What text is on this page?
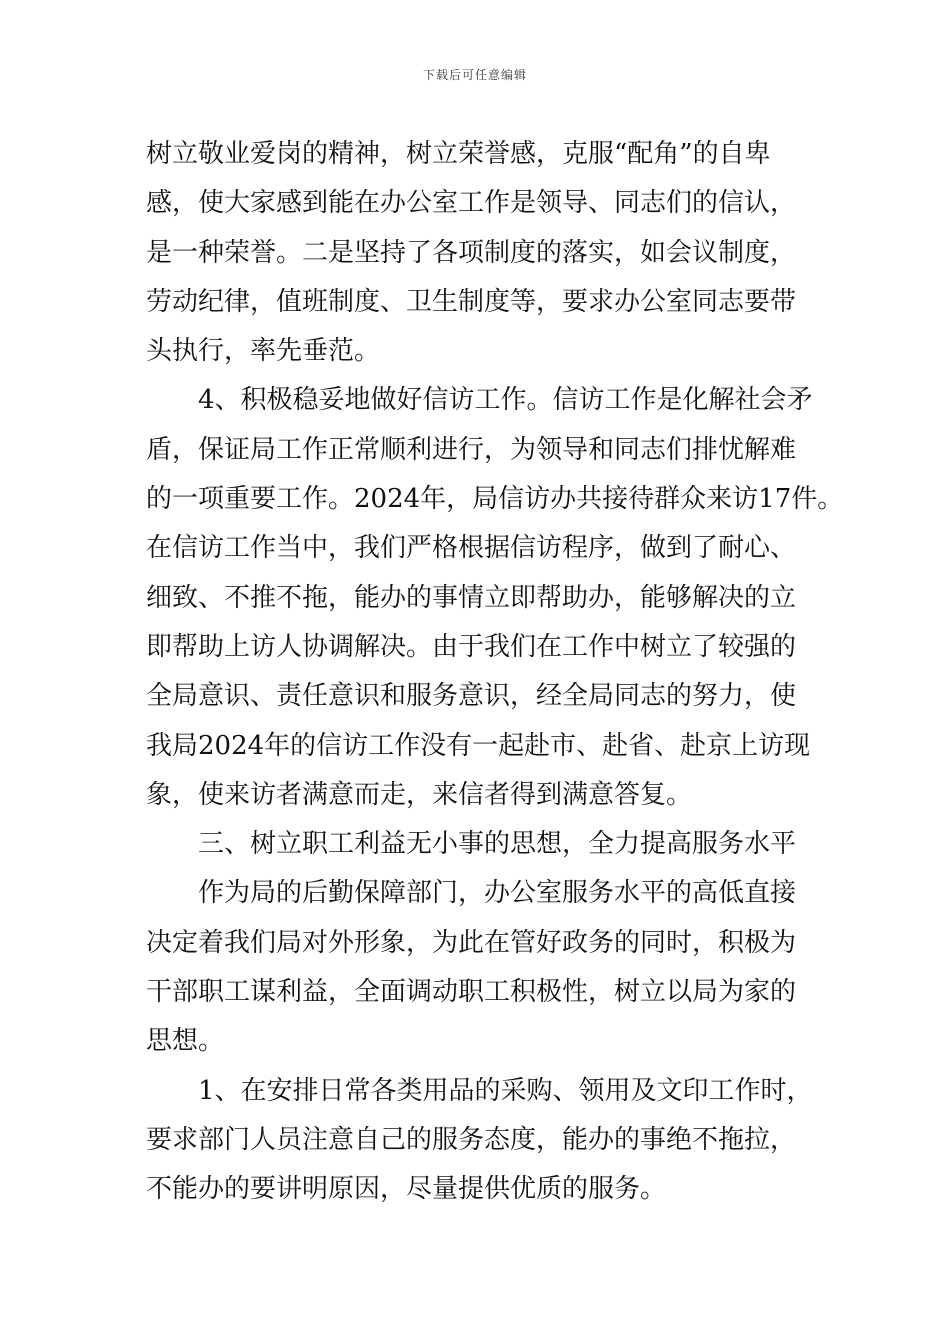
下载后可任意编辑
树立敬业爱岗的精神，树立荣誉感，克服“配角”的自卑
感，使大家感到能在办公室工作是领导、同志们的信认，
是一种荣誉。二是坚持了各项制度的落实，如会议制度，
劳动纪律，值班制度、卫生制度等，要求办公室同志要带
头执行，率先垂范。
4、积极稳妥地做好信访工作。信访工作是化解社会矛
盾，保证局工作正常顺利进行，为领导和同志们排忧解难
的一项重要工作。2024年，局信访办共接待群众来访17件。
在信访工作当中，我们严格根据信访程序，做到了耐心、
细致、不推不拖，能办的事情立即帮助办，能够解决的立
即帮助上访人协调解决。由于我们在工作中树立了较强的
全局意识、责任意识和服务意识，经全局同志的努力，使
我局2024年的信访工作没有一起赴市、赴省、赴京上访现
象，使来访者满意而走，来信者得到满意答复。
三、树立职工利益无小事的思想，全力提高服务水平
作为局的后勤保障部门，办公室服务水平的高低直接
决定着我们局对外形象，为此在管好政务的同时，积极为
干部职工谋利益，全面调动职工积极性，树立以局为家的
思想。
1、在安排日常各类用品的采购、领用及文印工作时，
要求部门人员注意自己的服务态度，能办的事绝不拖拉，
不能办的要讲明原因，尽量提供优质的服务。
